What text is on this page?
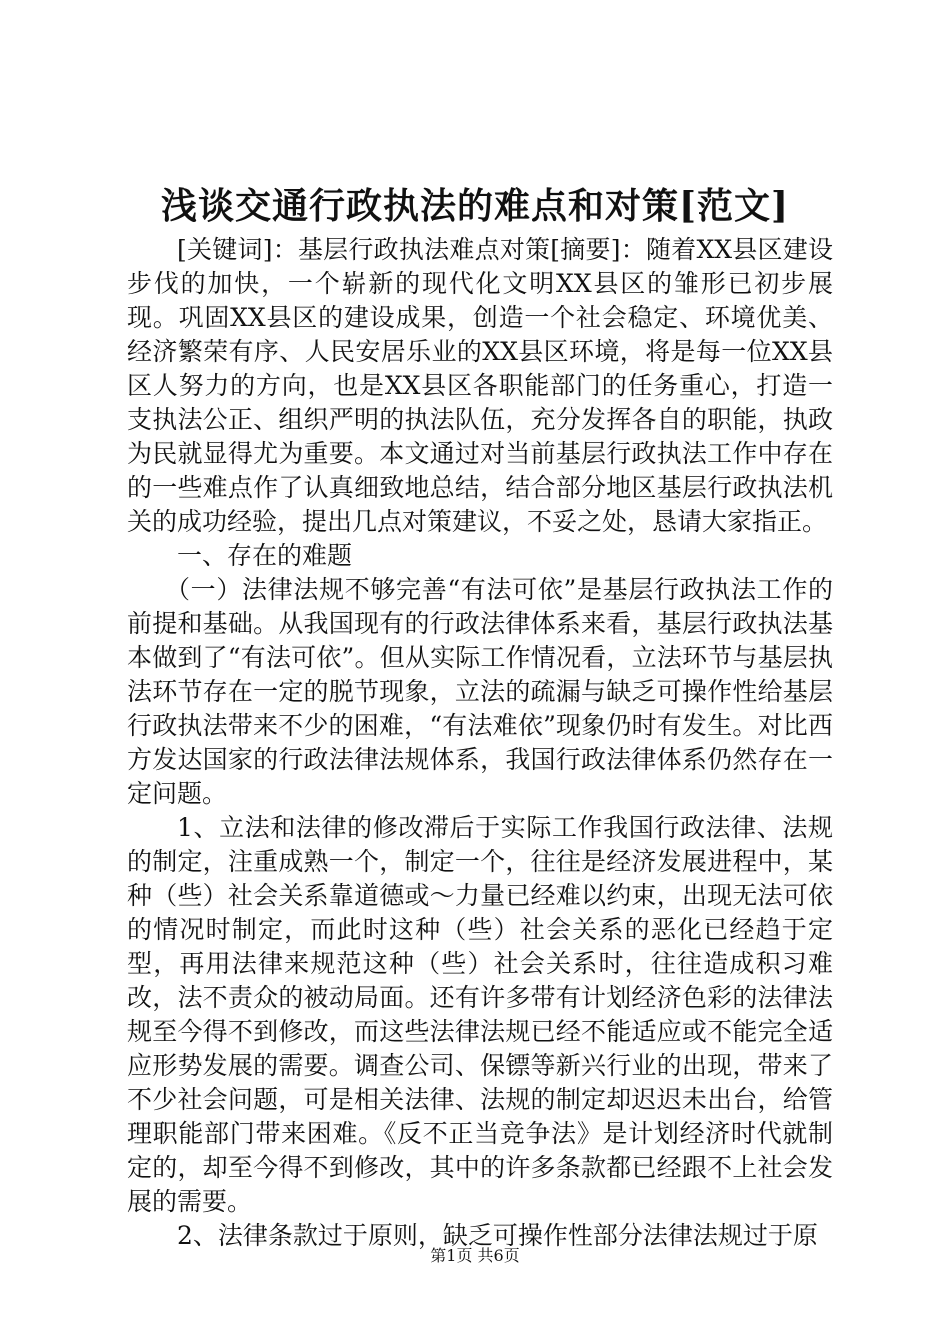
浅谈交通行政执法的难点和对策[范文]

[关键词]：基层行政执法难点对策[摘要]：随着XX县区建设步伐的加快，一个崭新的现代化文明XX县区的雏形已初步展现。巩固XX县区的建设成果，创造一个社会稳定、环境优美、经济繁荣有序、人民安居乐业的XX县区环境，将是每一位XX县区人努力的方向，也是XX县区各职能部门的任务重心，打造一支执法公正、组织严明的执法队伍，充分发挥各自的职能，执政为民就显得尤为重要。本文通过对当前基层行政执法工作中存在的一些难点作了认真细致地总结，结合部分地区基层行政执法机关的成功经验，提出几点对策建议，不妥之处，恳请大家指正。

一、存在的难题

（一）法律法规不够完善“有法可依”是基层行政执法工作的前提和基础。从我国现有的行政法律体系来看，基层行政执法基本做到了“有法可依”。但从实际工作情况看，立法环节与基层执法环节存在一定的脱节现象，立法的疏漏与缺乏可操作性给基层行政执法带来不少的困难，“有法难依”现象仍时有发生。对比西方发达国家的行政法律法规体系，我国行政法律体系仍然存在一定问题。

1、立法和法律的修改滞后于实际工作我国行政法律、法规的制定，注重成熟一个，制定一个，往往是经济发展进程中，某种（些）社会关系靠道德或～力量已经难以约束，出现无法可依的情况时制定，而此时这种（些）社会关系的恶化已经趋于定型，再用法律来规范这种（些）社会关系时，往往造成积习难改，法不责众的被动局面。还有许多带有计划经济色彩的法律法规至今得不到修改，而这些法律法规已经不能适应或不能完全适应形势发展的需要。调查公司、保镖等新兴行业的出现，带来了不少社会问题，可是相关法律、法规的制定却迟迟未出台，给管理职能部门带来困难。《反不正当竞争法》是计划经济时代就制定的，却至今得不到修改，其中的许多条款都已经跟不上社会发展的需要。

2、法律条款过于原则，缺乏可操作性部分法律法规过于原

第1页 共6页
